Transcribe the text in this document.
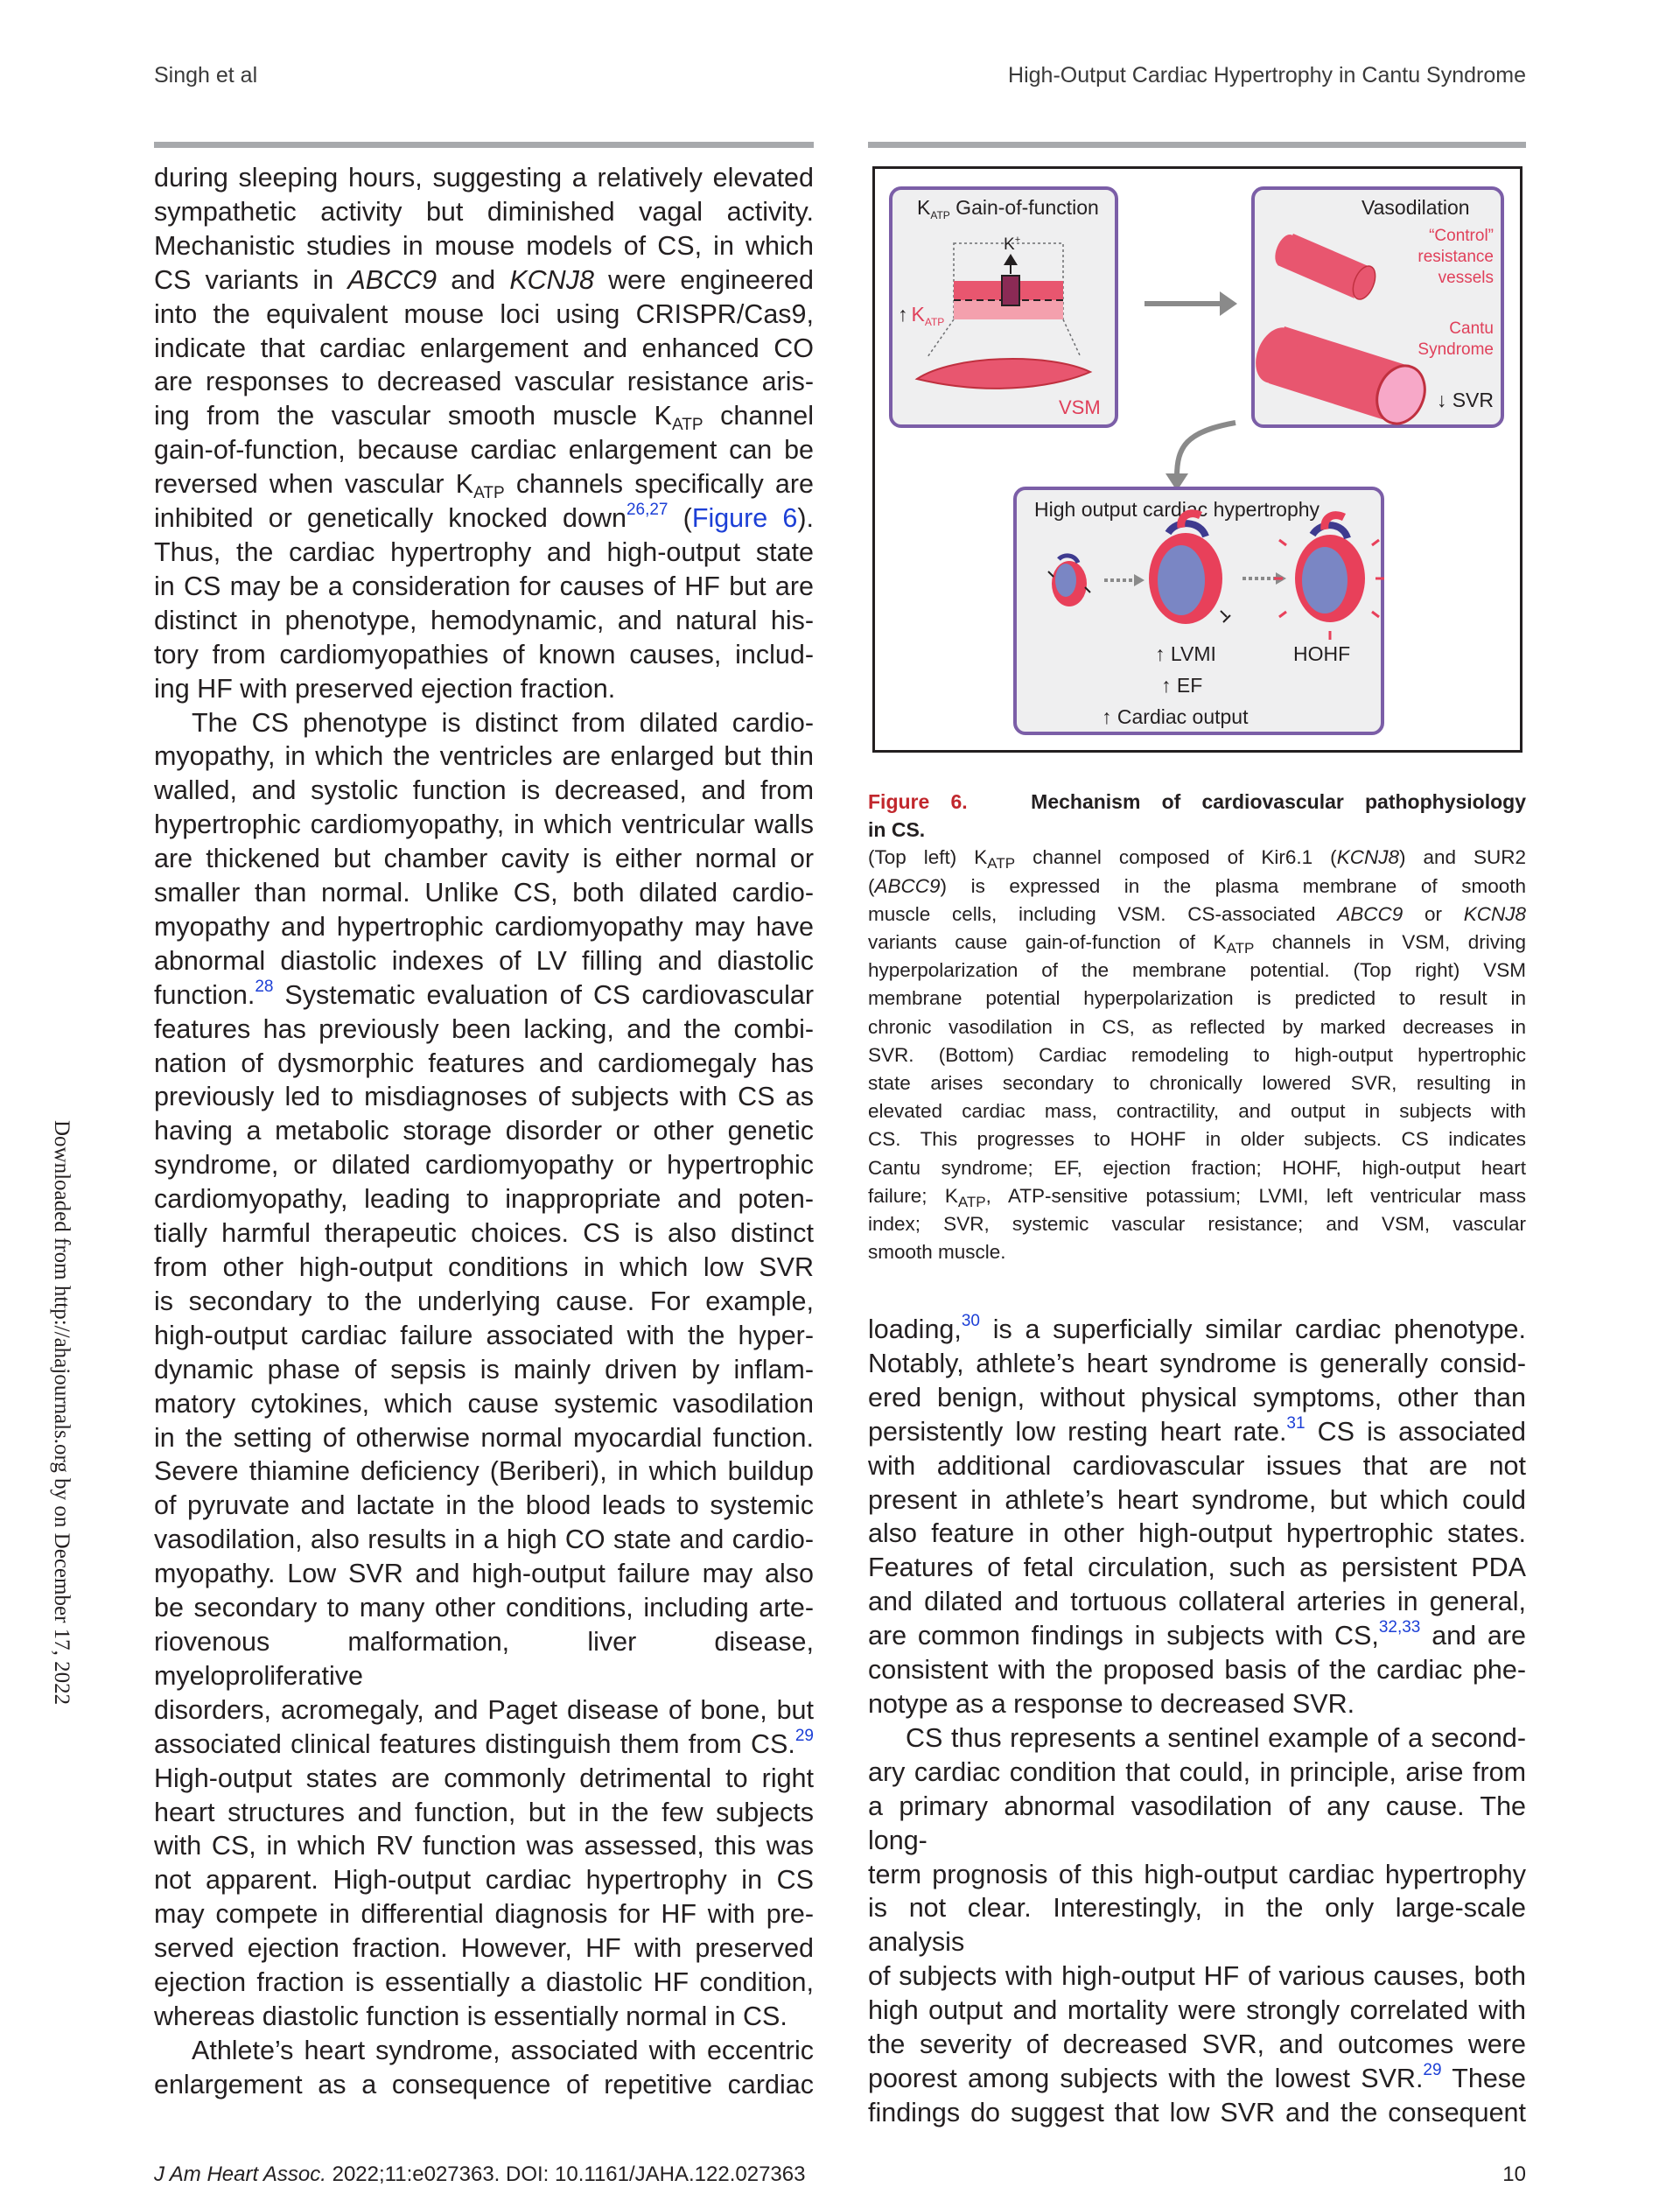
Singh et al	High-Output Cardiac Hypertrophy in Cantu Syndrome
Downloaded from http://ahajournals.org by on December 17, 2022

during sleeping hours, suggesting a relatively elevated

sympathetic activity but diminished vagal activity.

Mechanistic studies in mouse models of CS, in which

CS variants in ABCC9 and KCNJ8 were engineered

into the equivalent mouse loci using CRISPR/Cas9,

indicate that cardiac enlargement and enhanced CO

are responses to decreased vascular resistance aris-

ing from the vascular smooth muscle $K_{ATP}$ channel

gain-of-function, because cardiac enlargement can be

reversed when vascular $K_{ATP}$ channels specifically are

inhibited or genetically knocked down$^{26,27}$ (Figure 6).

Thus, the cardiac hypertrophy and high-output state

in CS may be a consideration for causes of HF but are

distinct in phenotype, hemodynamic, and natural his-

tory from cardiomyopathies of known causes, includ-

ing HF with preserved ejection fraction.

The CS phenotype is distinct from dilated cardio-

myopathy, in which the ventricles are enlarged but thin

walled, and systolic function is decreased, and from

hypertrophic cardiomyopathy, in which ventricular walls

are thickened but chamber cavity is either normal or

smaller than normal. Unlike CS, both dilated cardio-

myopathy and hypertrophic cardiomyopathy may have

abnormal diastolic indexes of LV filling and diastolic

function.$^{28}$ Systematic evaluation of CS cardiovascular

features has previously been lacking, and the combi-

nation of dysmorphic features and cardiomegaly has

previously led to misdiagnoses of subjects with CS as

having a metabolic storage disorder or other genetic

syndrome, or dilated cardiomyopathy or hypertrophic

cardiomyopathy, leading to inappropriate and poten-

tially harmful therapeutic choices. CS is also distinct

from other high-output conditions in which low SVR

is secondary to the underlying cause. For example,

high-output cardiac failure associated with the hyper-

dynamic phase of sepsis is mainly driven by inflam-

matory cytokines, which cause systemic vasodilation

in the setting of otherwise normal myocardial function.

Severe thiamine deficiency (Beriberi), in which buildup

of pyruvate and lactate in the blood leads to systemic

vasodilation, also results in a high CO state and cardio-

myopathy. Low SVR and high-output failure may also

be secondary to many other conditions, including arte-

riovenous malformation, liver disease, myeloproliferative

disorders, acromegaly, and Paget disease of bone, but

associated clinical features distinguish them from CS.$^{29}$

High-output states are commonly detrimental to right

heart structures and function, but in the few subjects

with CS, in which RV function was assessed, this was

not apparent. High-output cardiac hypertrophy in CS

may compete in differential diagnosis for HF with pre-

served ejection fraction. However, HF with preserved

ejection fraction is essentially a diastolic HF condition,

whereas diastolic function is essentially normal in CS.

Athlete’s heart syndrome, associated with eccentric

enlargement as a consequence of repetitive cardiac

$K_{ATP}$ Gain-of-function
K+
↑ $K_{ATP}$
VSM
Vasodilation
“Control”
resistance
vessels
Cantu
Syndrome
↓ SVR
High output cardiac hypertrophy
↑ LVMI	HOHF
↑ EF
↑ Cardiac output

Figure 6.	Mechanism of cardiovascular pathophysiology

in CS.

(Top left) $K_{ATP}$ channel composed of Kir6.1 (KCNJ8) and SUR2

(ABCC9) is expressed in the plasma membrane of smooth

muscle cells, including VSM. CS-associated ABCC9 or KCNJ8

variants cause gain-of-function of $K_{ATP}$ channels in VSM, driving

hyperpolarization of the membrane potential. (Top right) VSM

membrane potential hyperpolarization is predicted to result in

chronic vasodilation in CS, as reflected by marked decreases in

SVR. (Bottom) Cardiac remodeling to high-output hypertrophic

state arises secondary to chronically lowered SVR, resulting in

elevated cardiac mass, contractility, and output in subjects with

CS. This progresses to HOHF in older subjects. CS indicates

Cantu syndrome; EF, ejection fraction; HOHF, high-output heart

failure; $K_{ATP}$, ATP-sensitive potassium; LVMI, left ventricular mass

index; SVR, systemic vascular resistance; and VSM, vascular

smooth muscle.

loading,$^{30}$ is a superficially similar cardiac phenotype.

Notably, athlete’s heart syndrome is generally consid-

ered benign, without physical symptoms, other than

persistently low resting heart rate.$^{31}$ CS is associated

with additional cardiovascular issues that are not

present in athlete’s heart syndrome, but which could

also feature in other high-output hypertrophic states.

Features of fetal circulation, such as persistent PDA

and dilated and tortuous collateral arteries in general,

are common findings in subjects with CS,$^{32,33}$ and are

consistent with the proposed basis of the cardiac phe-

notype as a response to decreased SVR.

CS thus represents a sentinel example of a second-

ary cardiac condition that could, in principle, arise from

a primary abnormal vasodilation of any cause. The long-

term prognosis of this high-output cardiac hypertrophy

is not clear. Interestingly, in the only large-scale analysis

of subjects with high-output HF of various causes, both

high output and mortality were strongly correlated with

the severity of decreased SVR, and outcomes were

poorest among subjects with the lowest SVR.$^{29}$ These

findings do suggest that low SVR and the consequent

J Am Heart Assoc. 2022;11:e027363. DOI: 10.1161/JAHA.122.027363	10
